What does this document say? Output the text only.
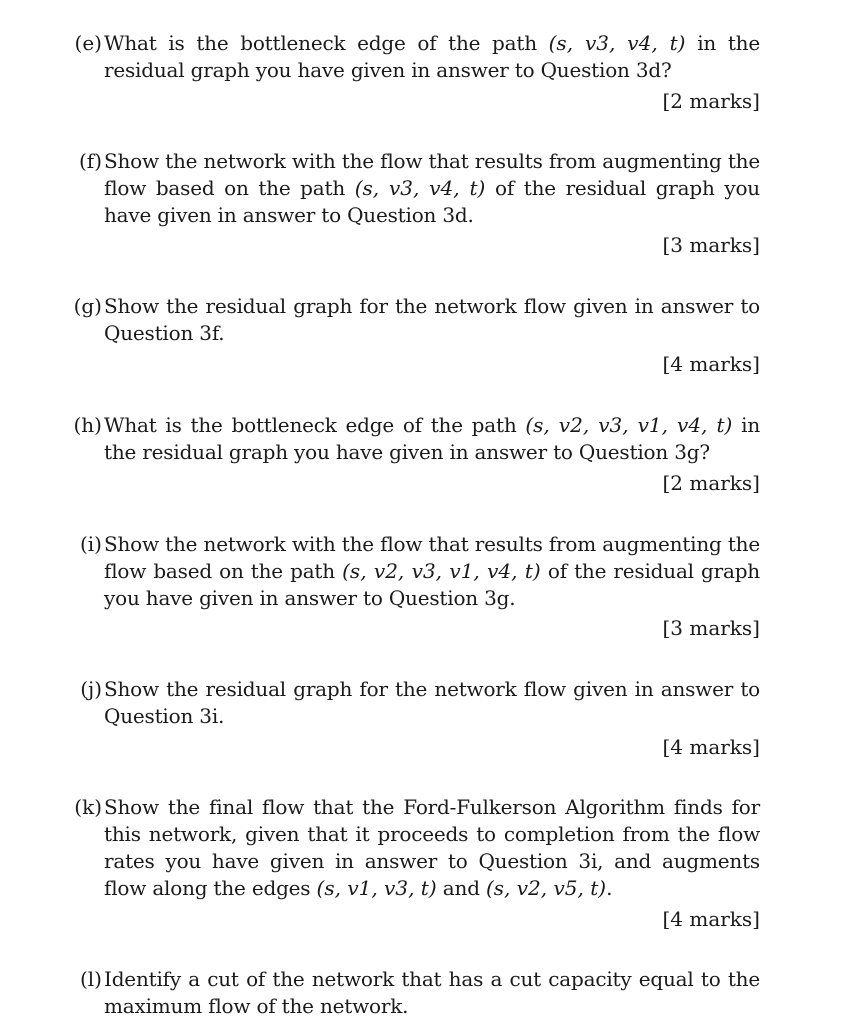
(e) What is the bottleneck edge of the path (s, v3, v4, t) in the residual graph you have given in answer to Question 3d?
[2 marks]
(f) Show the network with the flow that results from augmenting the flow based on the path (s, v3, v4, t) of the residual graph you have given in answer to Question 3d.
[3 marks]
(g) Show the residual graph for the network flow given in answer to Question 3f.
[4 marks]
(h) What is the bottleneck edge of the path (s, v2, v3, v1, v4, t) in the residual graph you have given in answer to Question 3g?
[2 marks]
(i) Show the network with the flow that results from augmenting the flow based on the path (s, v2, v3, v1, v4, t) of the residual graph you have given in answer to Question 3g.
[3 marks]
(j) Show the residual graph for the network flow given in answer to Question 3i.
[4 marks]
(k) Show the final flow that the Ford-Fulkerson Algorithm finds for this network, given that it proceeds to completion from the flow rates you have given in answer to Question 3i, and augments flow along the edges (s, v1, v3, t) and (s, v2, v5, t).
[4 marks]
(l) Identify a cut of the network that has a cut capacity equal to the maximum flow of the network.
